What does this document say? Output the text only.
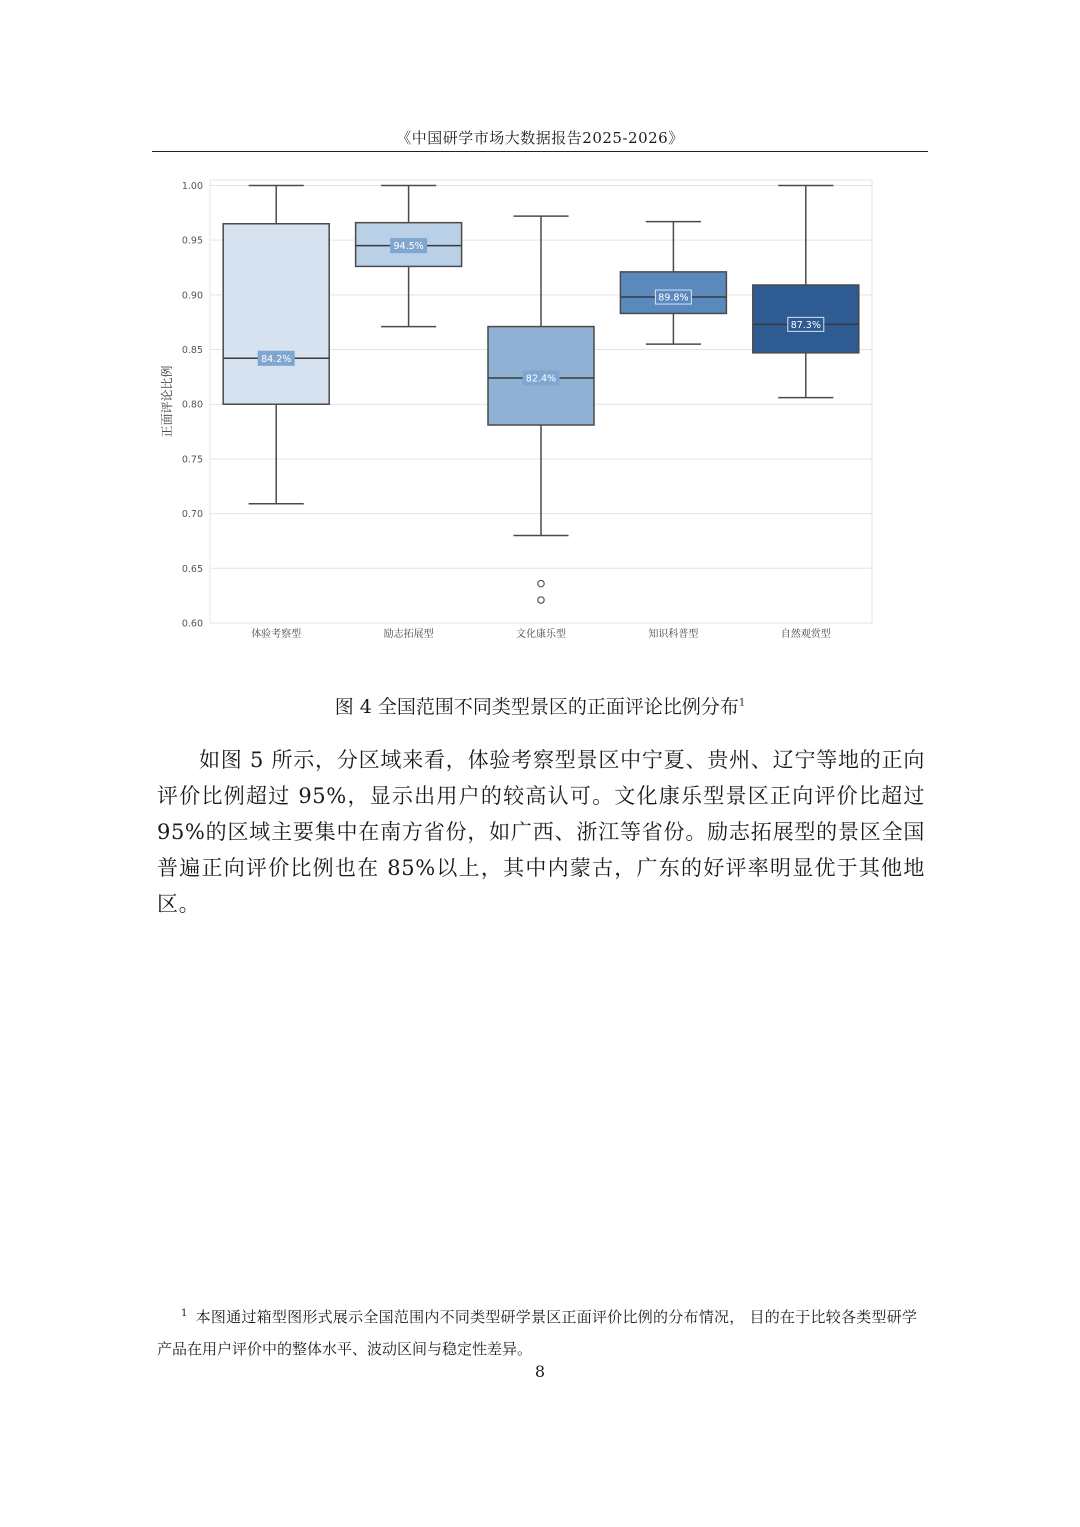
《中国研学市场大数据报告2025-2026》
0.60
0.65
0.70
0.75
0.80
0.85
0.90
0.95
1.00
正面评论比例
84.2%
体验考察型
94.5%
励志拓展型
82.4%
文化康乐型
89.8%
知识科普型
87.3%
自然观赏型
图 4 全国范围不同类型景区的正面评论比例分布$^1$
如图 5 所示，分区域来看，体验考察型景区中宁夏、贵州、辽宁等地的正向评价比例超过 95%，显示出用户的较高认可。文化康乐型景区正向评价比超过 95%的区域主要集中在南方省份，如广西、浙江等省份。励志拓展型的景区全国普遍正向评价比例也在 85%以上，其中内蒙古，广东的好评率明显优于其他地区。
$^1$ 本图通过箱型图形式展示全国范围内不同类型研学景区正面评价比例的分布情况， 目的在于比较各类型研学产品在用户评价中的整体水平、波动区间与稳定性差异。
8
